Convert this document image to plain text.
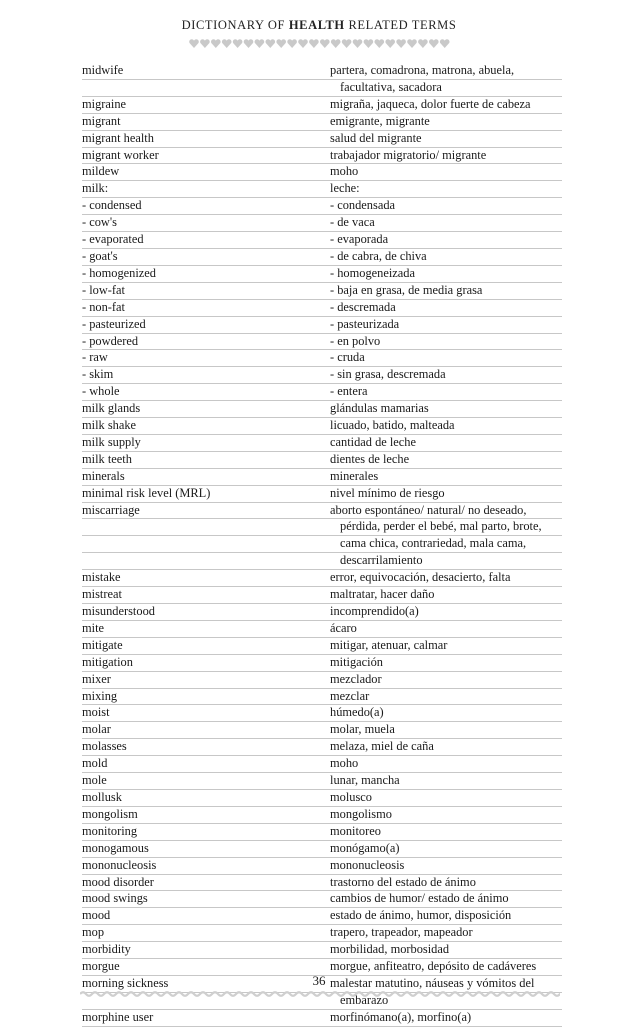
DICTIONARY OF HEALTH RELATED TERMS
midwife	partera, comadrona, matrona, abuela,
facultativa, sacadora
migraine	migraña, jaqueca, dolor fuerte de cabeza
migrant	emigrante, migrante
migrant health	salud del migrante
migrant worker	trabajador migratorio/ migrante
mildew	moho
milk:	leche:
- condensed	- condensada
- cow's	- de vaca
- evaporated	- evaporada
- goat's	- de cabra, de chiva
- homogenized	- homogeneizada
- low-fat	- baja en grasa, de media grasa
- non-fat	- descremada
- pasteurized	- pasteurizada
- powdered	- en polvo
- raw	- cruda
- skim	- sin grasa, descremada
- whole	- entera
milk glands	glándulas mamarias
milk shake	licuado, batido, malteada
milk supply	cantidad de leche
milk teeth	dientes de leche
minerals	minerales
minimal risk level (MRL)	nivel mínimo de riesgo
miscarriage	aborto espontáneo/ natural/ no deseado,
pérdida, perder el bebé, mal parto, brote,
cama chica, contrariedad, mala cama,
descarrilamiento
mistake	error, equivocación, desacierto, falta
mistreat	maltratar, hacer daño
misunderstood	incomprendido(a)
mite	ácaro
mitigate	mitigar, atenuar, calmar
mitigation	mitigación
mixer	mezclador
mixing	mezclar
moist	húmedo(a)
molar	molar, muela
molasses	melaza, miel de caña
mold	moho
mole	lunar, mancha
mollusk	molusco
mongolism	mongolismo
monitoring	monitoreo
monogamous	monógamo(a)
mononucleosis	mononucleosis
mood disorder	trastorno del estado de ánimo
mood swings	cambios de humor/ estado de ánimo
mood	estado de ánimo, humor, disposición
mop	trapero, trapeador, mapeador
morbidity	morbilidad, morbosidad
morgue	morgue, anfiteatro, depósito de cadáveres
morning sickness	malestar matutino, náuseas y vómitos del
embarazo
morphine user	morfinómano(a), morfino(a)
36
